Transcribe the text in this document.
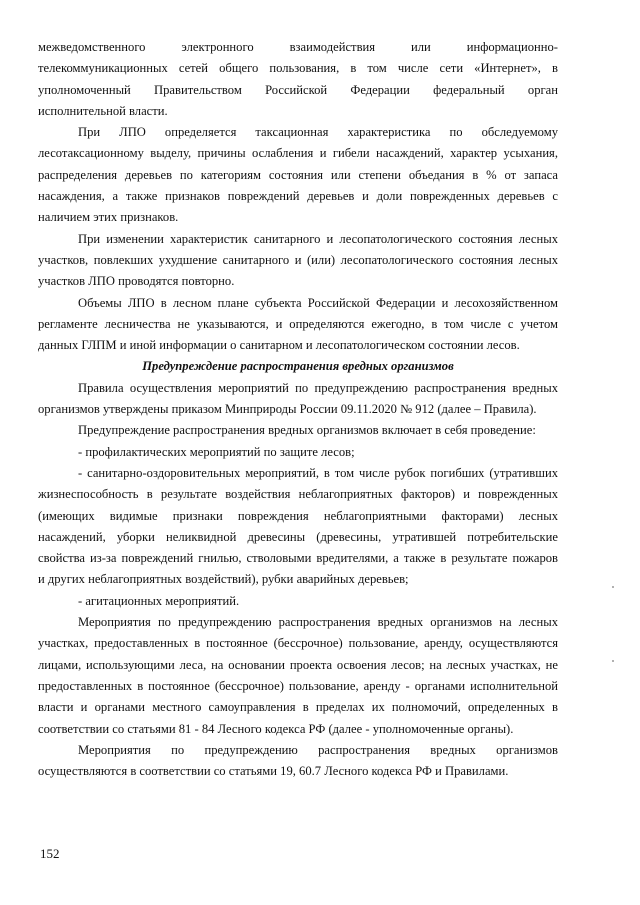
межведомственного электронного взаимодействия или информационно-
телекоммуникационных сетей общего пользования, в том числе сети «Интернет», в
уполномоченный Правительством Российской Федерации федеральный орган
исполнительной власти.
При ЛПО определяется таксационная характеристика по обследуемому
лесотаксационному выделу, причины ослабления и гибели насаждений, характер усыхания,
распределения деревьев по категориям состояния или степени объедания в % от запаса
насаждения, а также признаков повреждений деревьев и доли поврежденных деревьев с
наличием этих признаков.
При изменении характеристик санитарного и лесопатологического состояния лесных
участков, повлекших ухудшение санитарного и (или) лесопатологического состояния лесных
участков ЛПО проводятся повторно.
Объемы ЛПО в лесном плане субъекта Российской Федерации и лесохозяйственном
регламенте лесничества не указываются, и определяются ежегодно, в том числе с учетом
данных ГЛПМ и иной информации о санитарном и лесопатологическом состоянии лесов.
Предупреждение распространения вредных организмов
Правила осуществления мероприятий по предупреждению распространения вредных
организмов утверждены приказом Минприроды России 09.11.2020 № 912 (далее – Правила).
Предупреждение распространения вредных организмов включает в себя проведение:
- профилактических мероприятий по защите лесов;
- санитарно-оздоровительных мероприятий, в том числе рубок погибших (утративших
жизнеспособность в результате воздействия неблагоприятных факторов) и поврежденных
(имеющих видимые признаки повреждения неблагоприятными факторами) лесных
насаждений, уборки неликвидной древесины (древесины, утратившей потребительские
свойства из-за повреждений гнилью, стволовыми вредителями, а также в результате пожаров
и других неблагоприятных воздействий), рубки аварийных деревьев;
- агитационных мероприятий.
Мероприятия по предупреждению распространения вредных организмов на лесных
участках, предоставленных в постоянное (бессрочное) пользование, аренду, осуществляются
лицами, использующими леса, на основании проекта освоения лесов; на лесных участках, не
предоставленных в постоянное (бессрочное) пользование, аренду - органами исполнительной
власти и органами местного самоуправления в пределах их полномочий, определенных в
соответствии со статьями 81 - 84 Лесного кодекса РФ (далее - уполномоченные органы).
Мероприятия по предупреждению распространения вредных организмов
осуществляются в соответствии со статьями 19, 60.7 Лесного кодекса РФ и Правилами.
152
